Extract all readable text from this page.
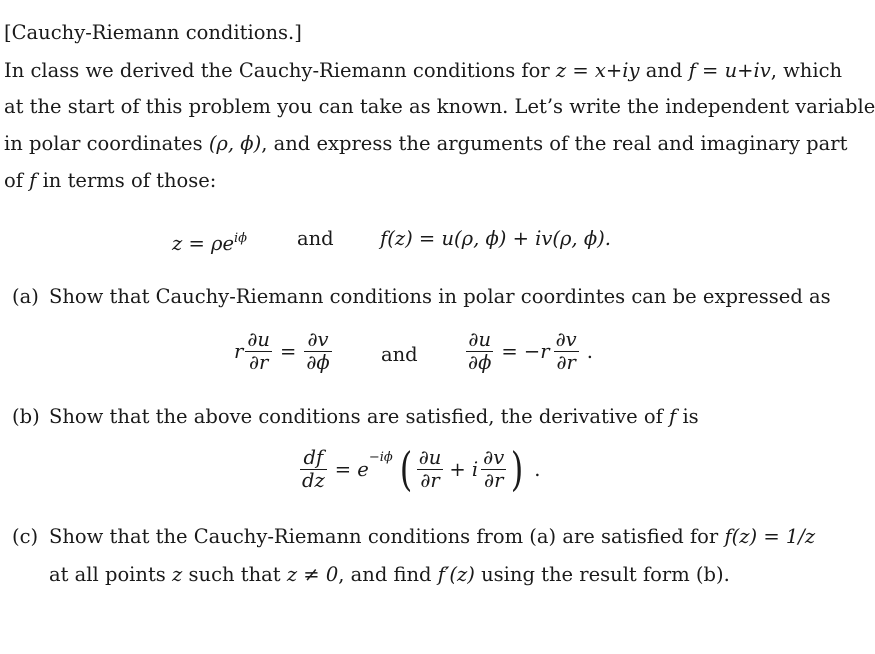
[Cauchy-Riemann conditions.]
In class we derived the Cauchy-Riemann conditions for z = x+iy and f = u+iv, which
at the start of this problem you can take as known. Let’s write the independent variable
in polar coordinates (ρ, ϕ), and express the arguments of the real and imaginary part
of f in terms of those:
$z = \rho e^{i\phi}$	and f(z) = u(ρ, ϕ) + iv(ρ, ϕ).
(a) Show that Cauchy-Riemann conditions in polar coordintes can be expressed as
r $\frac{\partial u}{\partial r} = \frac{\partial v}{\partial\phi}$	and $\frac{\partial u}{\partial\phi} = -r \frac{\partial v}{\partial r}$ .
(b) Show that the above conditions are satisfied, the derivative of f is
$\frac{df}{dz} = e^{-i\phi}$ ( $\frac{\partial u}{\partial r} + i \frac{\partial v}{\partial r}$ ) .
(c) Show that the Cauchy-Riemann conditions from (a) are satisfied for f(z) = 1/z
at all points z such that z ≠ 0, and find f′(z) using the result form (b).
